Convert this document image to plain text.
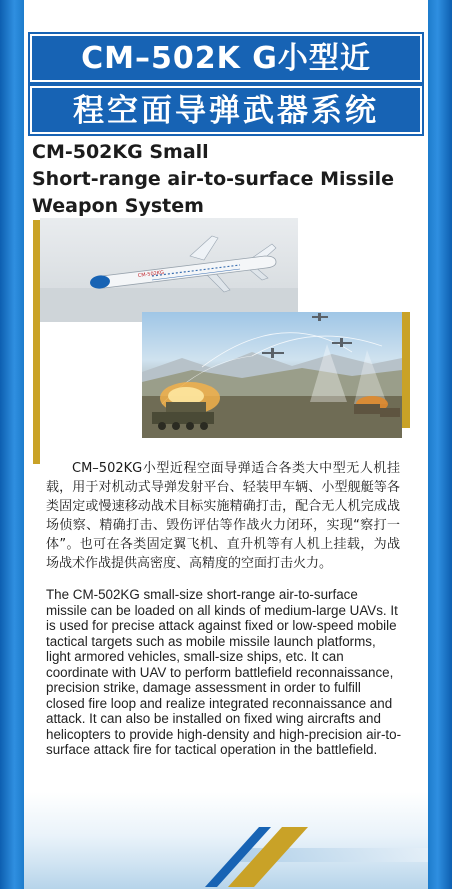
CM–502K G小型近
程空面导弹武器系统
CM-502KG Small
Short-range air-to-surface Missile
Weapon System
CM-502KG
CM–502KG小型近程空面导弹适合各类大中型无人机挂载，用于对机动式导弹发射平台、轻装甲车辆、小型舰艇等各类固定或慢速移动战术目标实施精确打击，配合无人机完成战场侦察、精确打击、毁伤评估等作战火力闭环，实现“察打一体”。也可在各类固定翼飞机、直升机等有人机上挂载，为战场战术作战提供高密度、高精度的空面打击火力。
The CM-502KG small-size short-range air-to-surface missile can be loaded on all kinds of medium-large UAVs. It is used for precise attack against fixed or low-speed mobile tactical targets such as mobile missile launch platforms, light armored vehicles, small-size ships, etc. It can coordinate with UAV to perform battlefield reconnaissance, precision strike, damage assessment in order to fulfill closed fire loop and realize integrated reconnaissance and attack. It can also be installed on fixed wing aircrafts and helicopters to provide high-density and high-precision air-to-surface attack fire for tactical operation in the battlefield.
